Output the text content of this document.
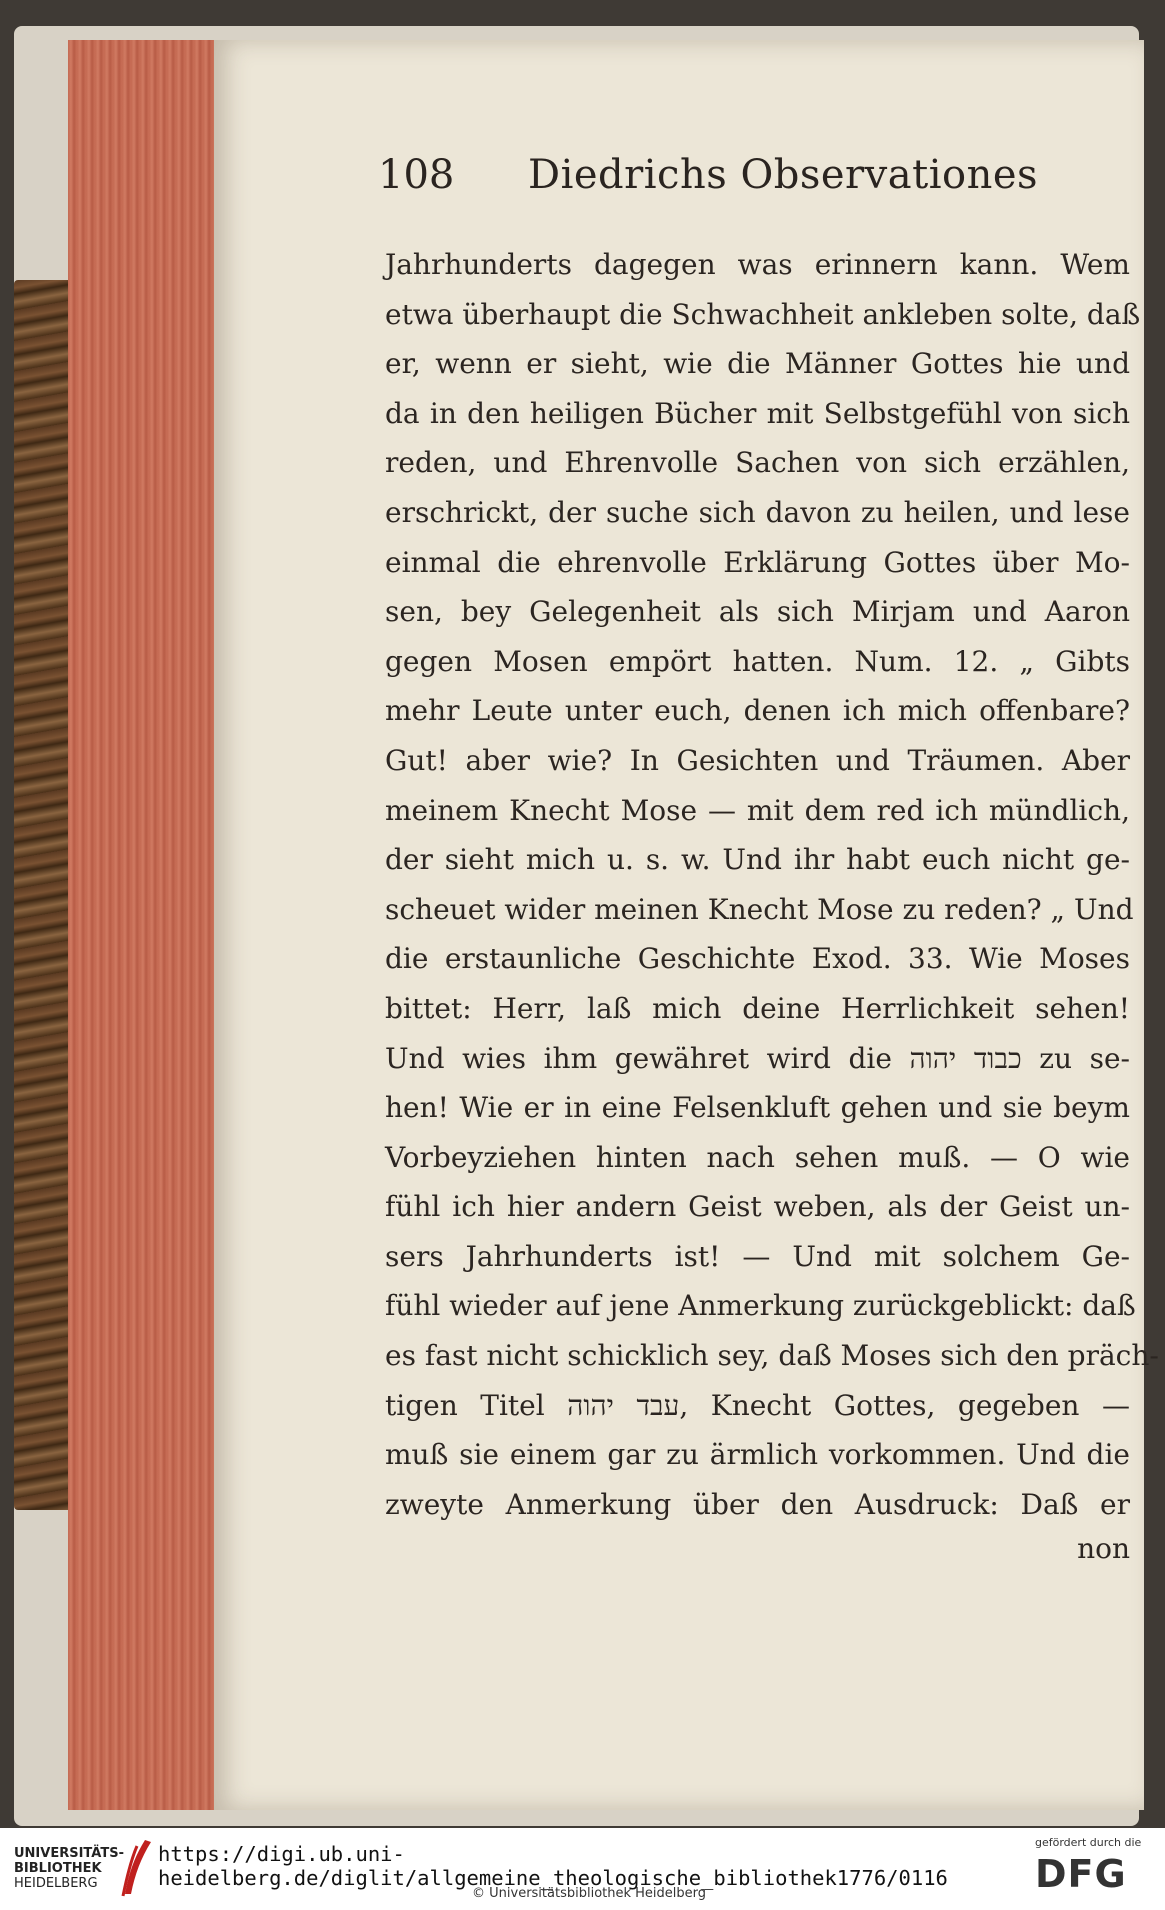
108	Diedrichs Observationes
Jahrhunderts dagegen was erinnern kann. Wem
etwa überhaupt die Schwachheit ankleben solte, daß
er, wenn er sieht, wie die Männer Gottes hie und
da in den heiligen Bücher mit Selbstgefühl von sich
reden, und Ehrenvolle Sachen von sich erzählen,
erschrickt, der suche sich davon zu heilen, und lese
einmal die ehrenvolle Erklärung Gottes über Mo-
sen, bey Gelegenheit als sich Mirjam und Aaron
gegen Mosen empört hatten. Num. 12. „ Gibts
mehr Leute unter euch, denen ich mich offenbare?
Gut! aber wie? In Gesichten und Träumen. Aber
meinem Knecht Mose — mit dem red ich mündlich,
der sieht mich u. s. w. Und ihr habt euch nicht ge-
scheuet wider meinen Knecht Mose zu reden? „ Und
die erstaunliche Geschichte Exod. 33. Wie Moses
bittet: Herr, laß mich deine Herrlichkeit sehen!
Und wies ihm gewähret wird die כבוד יהוה zu se-
hen! Wie er in eine Felsenkluft gehen und sie beym
Vorbeyziehen hinten nach sehen muß. — O wie
fühl ich hier andern Geist weben, als der Geist un-
sers Jahrhunderts ist! — Und mit solchem Ge-
fühl wieder auf jene Anmerkung zurückgeblickt: daß
es fast nicht schicklich sey, daß Moses sich den präch-
tigen Titel עבד יהוה, Knecht Gottes, gegeben —
muß sie einem gar zu ärmlich vorkommen. Und die
zweyte Anmerkung über den Ausdruck: Daß er
non
UNIVERSITÄTS-
BIBLIOTHEK
HEIDELBERG
https://digi.ub.uni-heidelberg.de/diglit/allgemeine_theologische_bibliothek1776/0116
© Universitätsbibliothek Heidelberg
gefördert durch die
DFG
